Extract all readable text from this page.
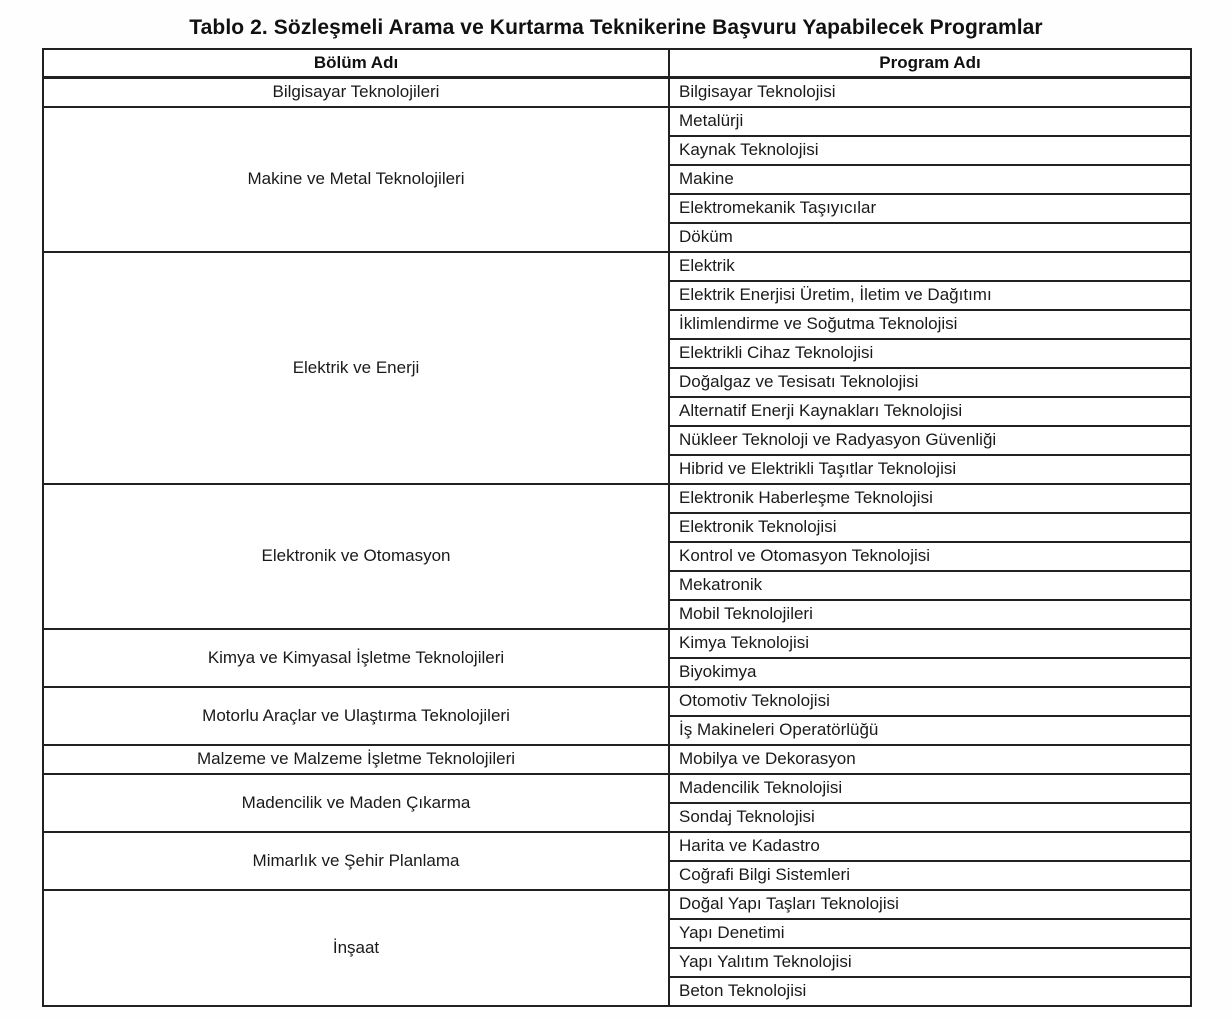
Tablo 2. Sözleşmeli Arama ve Kurtarma Teknikerine Başvuru Yapabilecek Programlar
Bölüm Adı	Program Adı
Bilgisayar Teknolojileri	Bilgisayar Teknolojisi
Makine ve Metal Teknolojileri	Metalürji
	Kaynak Teknolojisi
	Makine
	Elektromekanik Taşıyıcılar
	Döküm
Elektrik ve Enerji	Elektrik
	Elektrik Enerjisi Üretim, İletim ve Dağıtımı
	İklimlendirme ve Soğutma Teknolojisi
	Elektrikli Cihaz Teknolojisi
	Doğalgaz ve Tesisatı Teknolojisi
	Alternatif Enerji Kaynakları Teknolojisi
	Nükleer Teknoloji ve Radyasyon Güvenliği
	Hibrid ve Elektrikli Taşıtlar Teknolojisi
Elektronik ve Otomasyon	Elektronik Haberleşme Teknolojisi
	Elektronik Teknolojisi
	Kontrol ve Otomasyon Teknolojisi
	Mekatronik
	Mobil Teknolojileri
Kimya ve Kimyasal İşletme Teknolojileri	Kimya Teknolojisi
	Biyokimya
Motorlu Araçlar ve Ulaştırma Teknolojileri	Otomotiv Teknolojisi
	İş Makineleri Operatörlüğü
Malzeme ve Malzeme İşletme Teknolojileri	Mobilya ve Dekorasyon
Madencilik ve Maden Çıkarma	Madencilik Teknolojisi
	Sondaj Teknolojisi
Mimarlık ve Şehir Planlama	Harita ve Kadastro
	Coğrafi Bilgi Sistemleri
İnşaat	Doğal Yapı Taşları Teknolojisi
	Yapı Denetimi
	Yapı Yalıtım Teknolojisi
	Beton Teknolojisi
